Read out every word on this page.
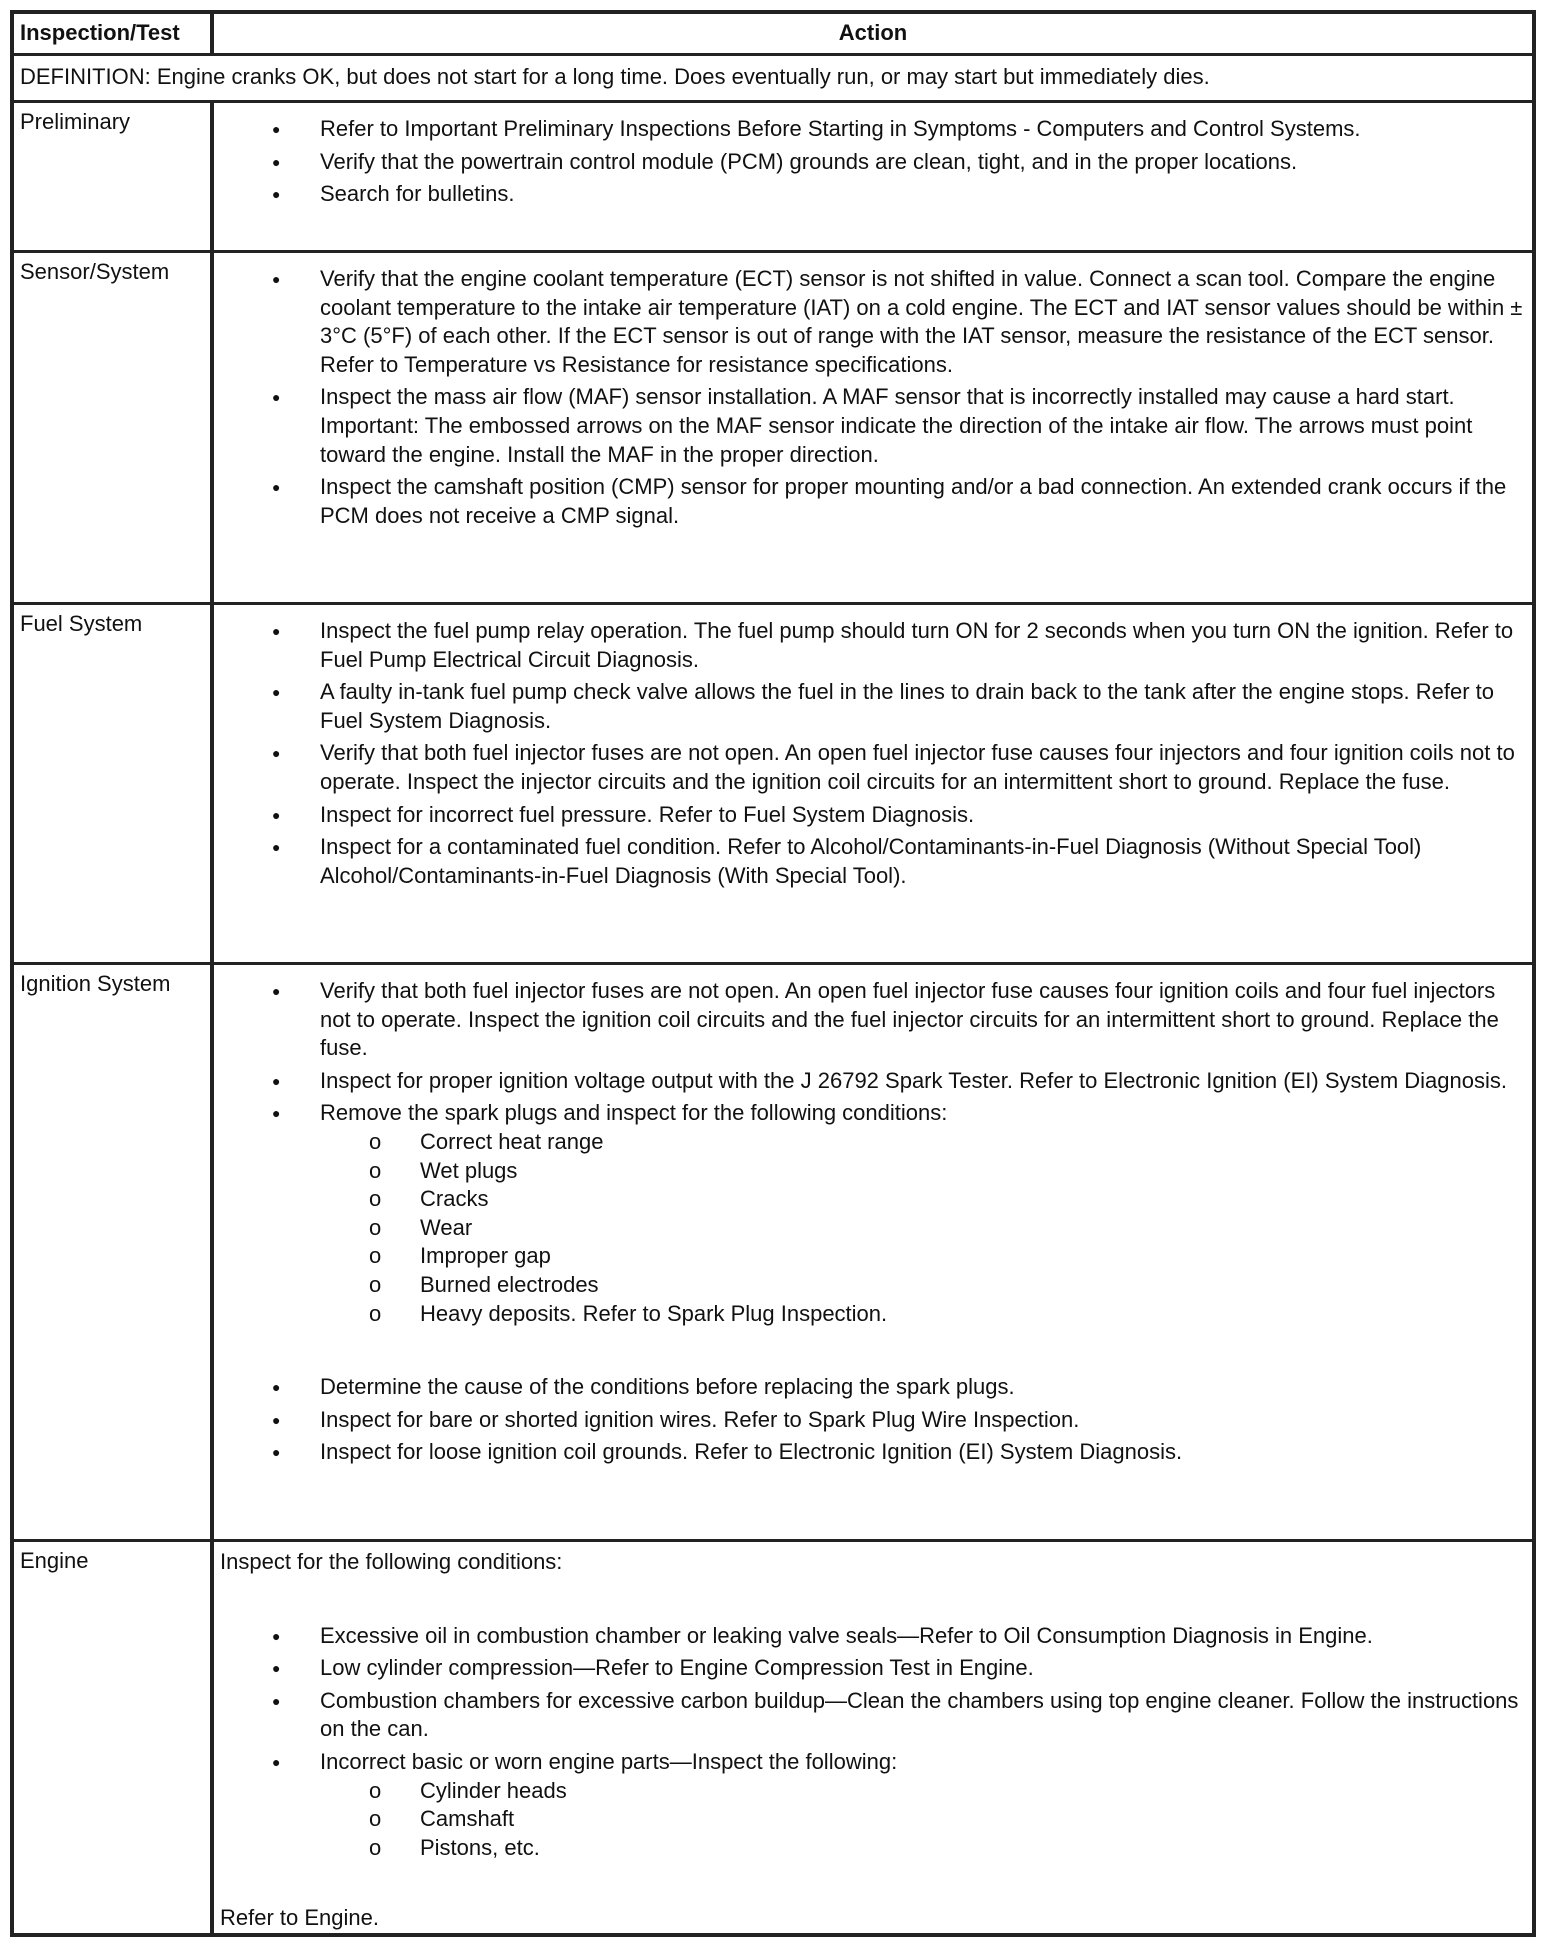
Inspection/Test	Action
DEFINITION: Engine cranks OK, but does not start for a long time. Does eventually run, or may start but immediately dies.
Preliminary	● Refer to Important Preliminary Inspections Before Starting in Symptoms - Computers and Control Systems.
● Verify that the powertrain control module (PCM) grounds are clean, tight, and in the proper locations.
● Search for bulletins.
Sensor/System	● Verify that the engine coolant temperature (ECT) sensor is not shifted in value. Connect a scan tool. Compare the engine coolant temperature to the intake air temperature (IAT) on a cold engine. The ECT and IAT sensor values should be within ± 3°C (5°F) of each other. If the ECT sensor is out of range with the IAT sensor, measure the resistance of the ECT sensor. Refer to Temperature vs Resistance for resistance specifications.
● Inspect the mass air flow (MAF) sensor installation. A MAF sensor that is incorrectly installed may cause a hard start. Important: The embossed arrows on the MAF sensor indicate the direction of the intake air flow. The arrows must point toward the engine. Install the MAF in the proper direction.
● Inspect the camshaft position (CMP) sensor for proper mounting and/or a bad connection. An extended crank occurs if the PCM does not receive a CMP signal.
Fuel System	● Inspect the fuel pump relay operation. The fuel pump should turn ON for 2 seconds when you turn ON the ignition. Refer to Fuel Pump Electrical Circuit Diagnosis.
● A faulty in-tank fuel pump check valve allows the fuel in the lines to drain back to the tank after the engine stops. Refer to Fuel System Diagnosis.
● Verify that both fuel injector fuses are not open. An open fuel injector fuse causes four injectors and four ignition coils not to operate. Inspect the injector circuits and the ignition coil circuits for an intermittent short to ground. Replace the fuse.
● Inspect for incorrect fuel pressure. Refer to Fuel System Diagnosis.
● Inspect for a contaminated fuel condition. Refer to Alcohol/Contaminants-in-Fuel Diagnosis (Without Special Tool) Alcohol/Contaminants-in-Fuel Diagnosis (With Special Tool).
Ignition System	● Verify that both fuel injector fuses are not open. An open fuel injector fuse causes four ignition coils and four fuel injectors not to operate. Inspect the ignition coil circuits and the fuel injector circuits for an intermittent short to ground. Replace the fuse.
● Inspect for proper ignition voltage output with the J 26792 Spark Tester. Refer to Electronic Ignition (EI) System Diagnosis.
● Remove the spark plugs and inspect for the following conditions:
o Correct heat range
o Wet plugs
o Cracks
o Wear
o Improper gap
o Burned electrodes
o Heavy deposits. Refer to Spark Plug Inspection.
● Determine the cause of the conditions before replacing the spark plugs.
● Inspect for bare or shorted ignition wires. Refer to Spark Plug Wire Inspection.
● Inspect for loose ignition coil grounds. Refer to Electronic Ignition (EI) System Diagnosis.
Engine	Inspect for the following conditions:
● Excessive oil in combustion chamber or leaking valve seals—Refer to Oil Consumption Diagnosis in Engine.
● Low cylinder compression—Refer to Engine Compression Test in Engine.
● Combustion chambers for excessive carbon buildup—Clean the chambers using top engine cleaner. Follow the instructions on the can.
● Incorrect basic or worn engine parts—Inspect the following:
o Cylinder heads
o Camshaft
o Pistons, etc.
Refer to Engine.
